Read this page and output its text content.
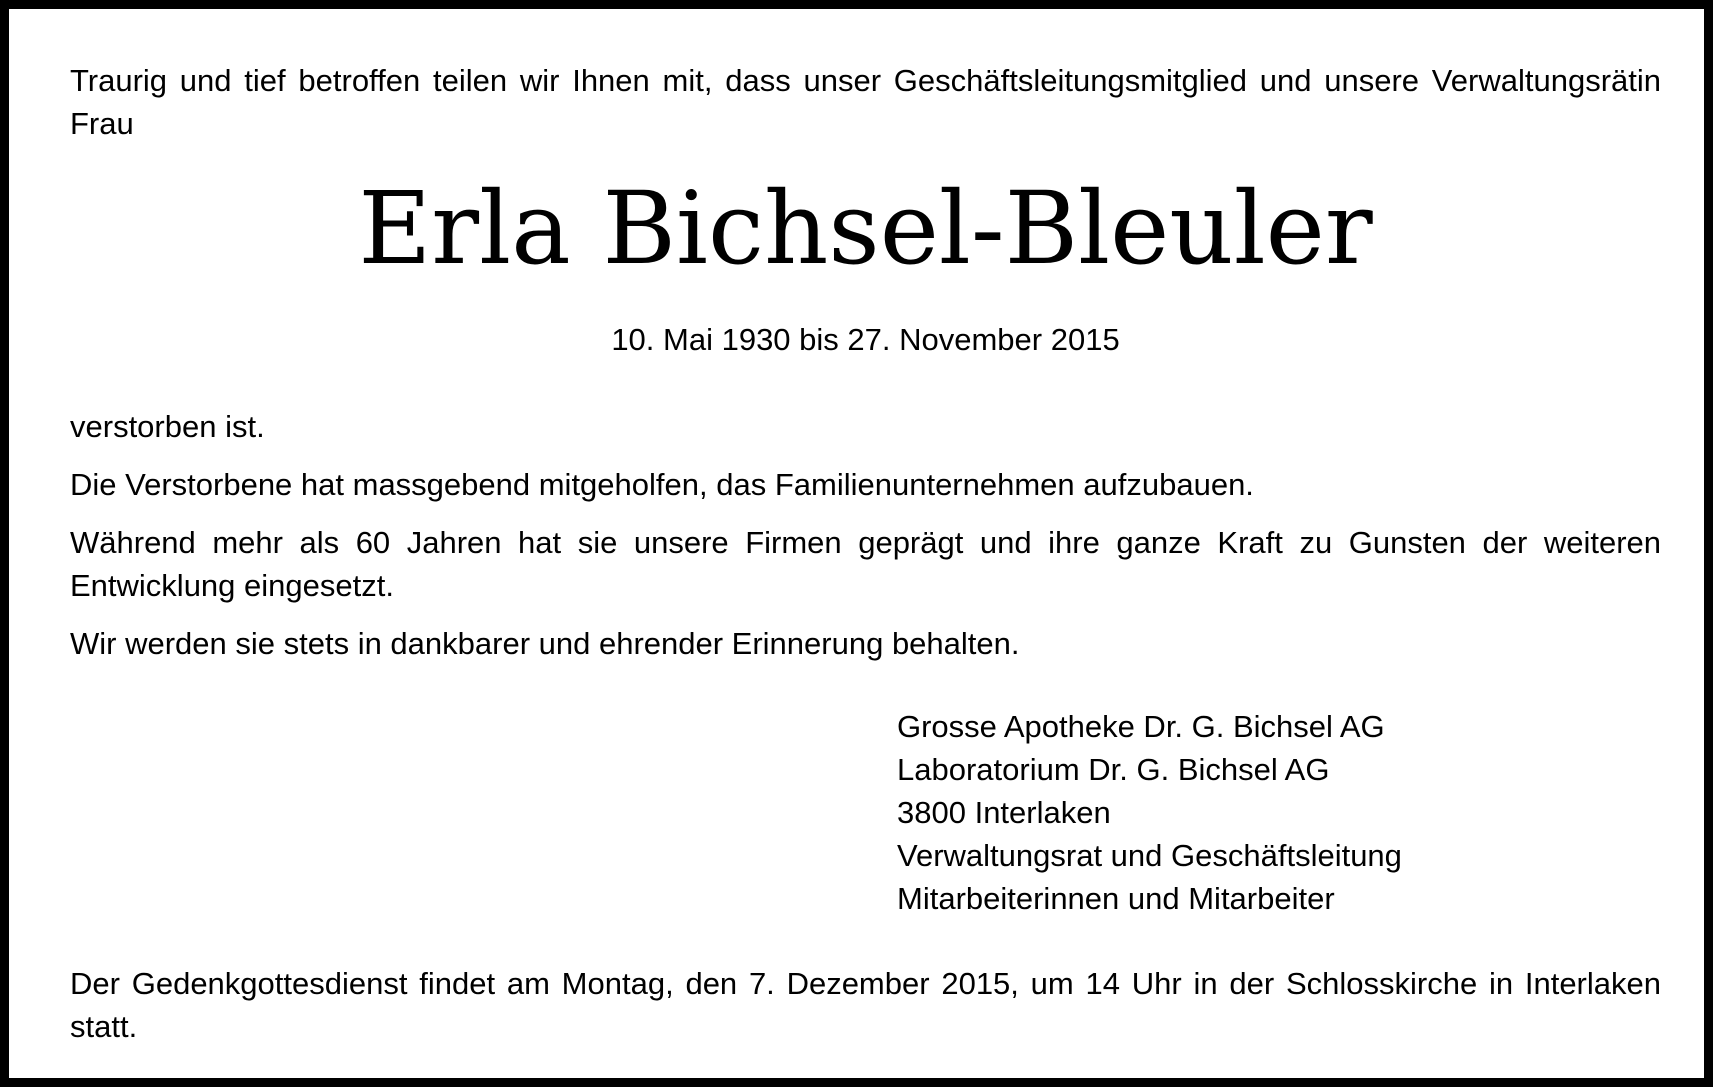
Traurig und tief betroffen teilen wir Ihnen mit, dass unser Geschäftsleitungsmitglied und unsere Verwaltungsrätin Frau

Erla Bichsel-Bleuler

10. Mai 1930 bis 27. November 2015

verstorben ist.

Die Verstorbene hat massgebend mitgeholfen, das Familienunternehmen aufzubauen.

Während mehr als 60 Jahren hat sie unsere Firmen geprägt und ihre ganze Kraft zu Gunsten der weiteren Entwicklung eingesetzt.

Wir werden sie stets in dankbarer und ehrender Erinnerung behalten.

Grosse Apotheke Dr. G. Bichsel AG
Laboratorium Dr. G. Bichsel AG
3800 Interlaken
Verwaltungsrat und Geschäftsleitung
Mitarbeiterinnen und Mitarbeiter

Der Gedenkgottesdienst findet am Montag, den 7. Dezember 2015, um 14 Uhr in der Schlosskirche in Interlaken statt.
